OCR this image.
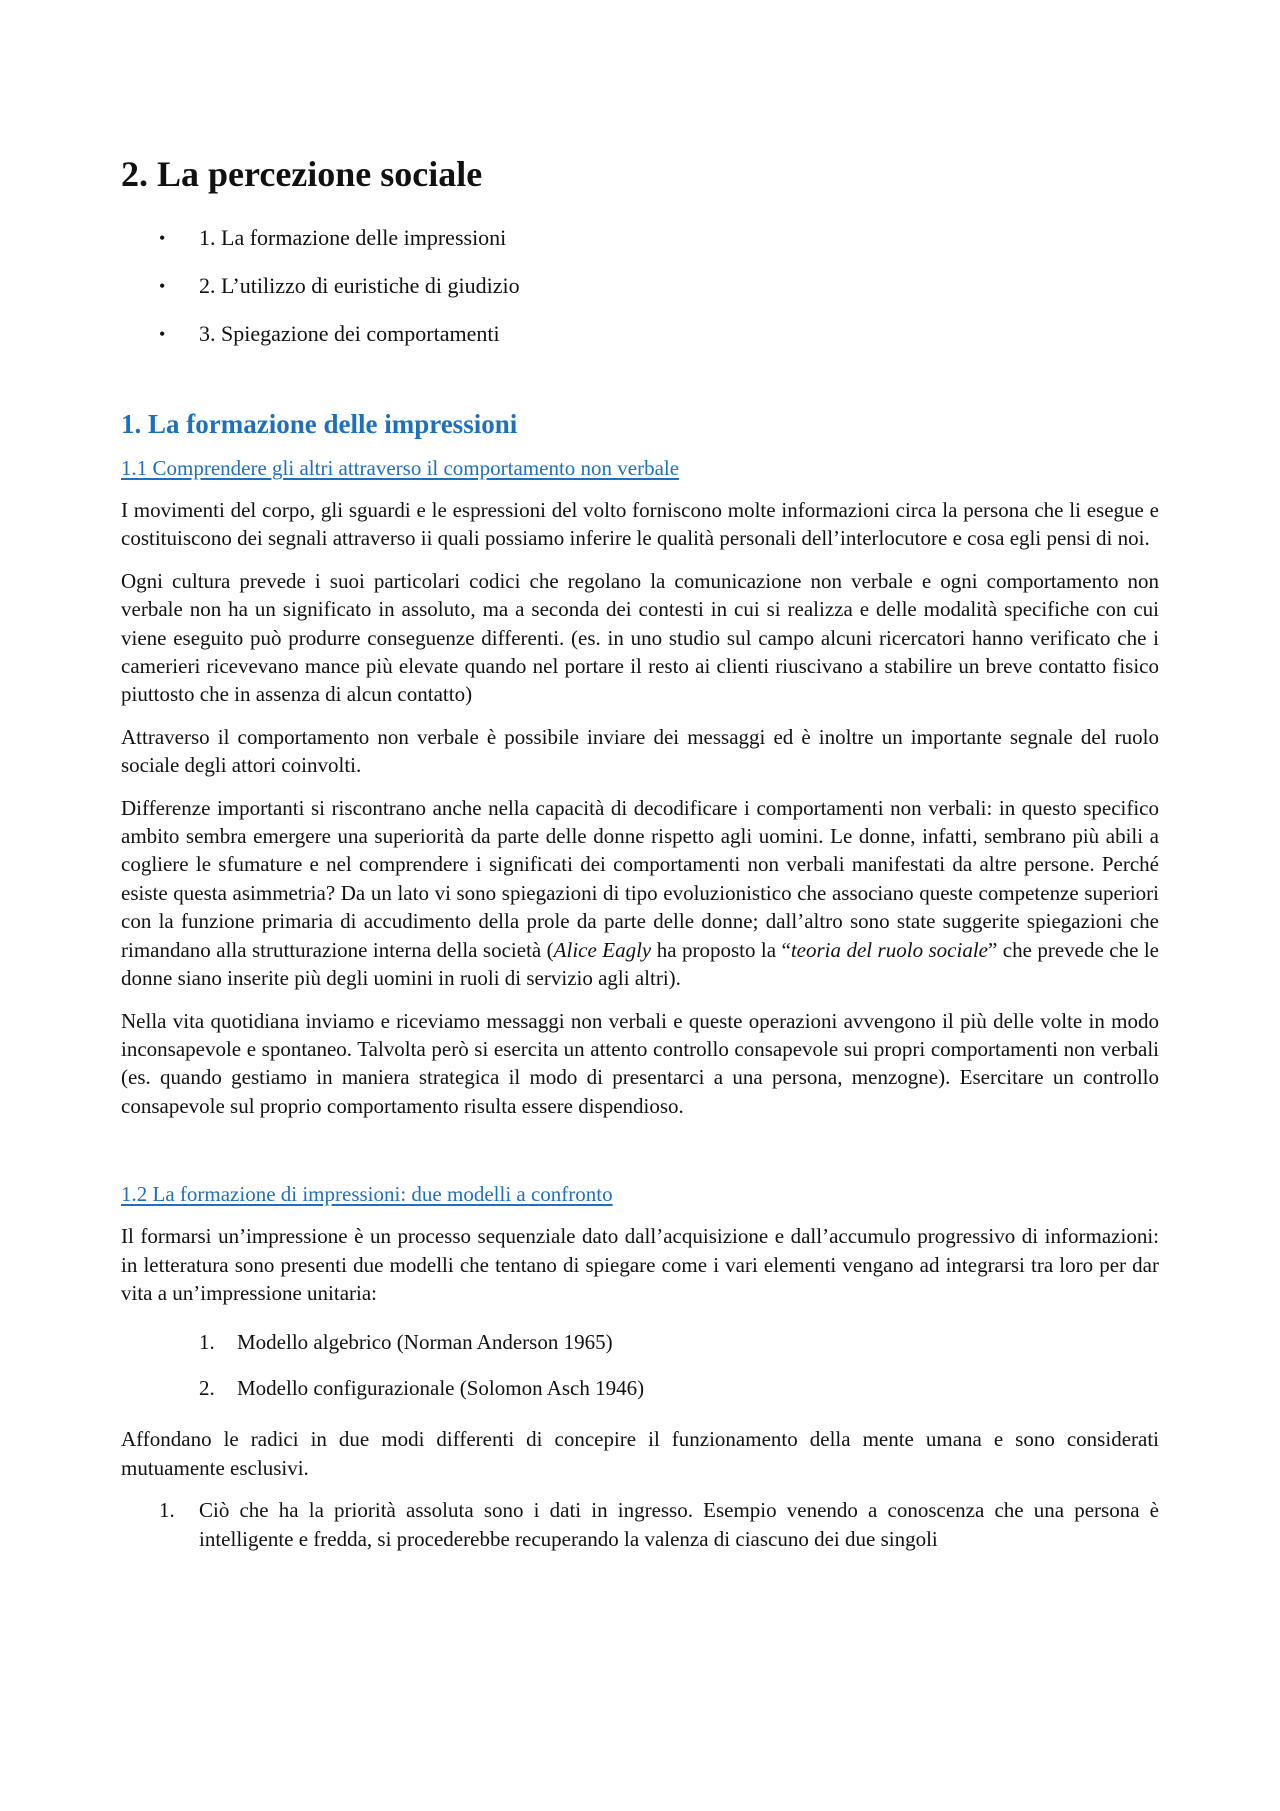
2. La percezione sociale
• 1. La formazione delle impressioni
• 2. L’utilizzo di euristiche di giudizio
• 3. Spiegazione dei comportamenti
1. La formazione delle impressioni
1.1 Comprendere gli altri attraverso il comportamento non verbale

I movimenti del corpo, gli sguardi e le espressioni del volto forniscono molte informazioni circa la persona che li esegue e costituiscono dei segnali attraverso ii quali possiamo inferire le qualità personali dell’interlocutore e cosa egli pensi di noi.

Ogni cultura prevede i suoi particolari codici che regolano la comunicazione non verbale e ogni comportamento non verbale non ha un significato in assoluto, ma a seconda dei contesti in cui si realizza e delle modalità specifiche con cui viene eseguito può produrre conseguenze differenti. (es. in uno studio sul campo alcuni ricercatori hanno verificato che i camerieri ricevevano mance più elevate quando nel portare il resto ai clienti riuscivano a stabilire un breve contatto fisico piuttosto che in assenza di alcun contatto)

Attraverso il comportamento non verbale è possibile inviare dei messaggi ed è inoltre un importante segnale del ruolo sociale degli attori coinvolti.

Differenze importanti si riscontrano anche nella capacità di decodificare i comportamenti non verbali: in questo specifico ambito sembra emergere una superiorità da parte delle donne rispetto agli uomini. Le donne, infatti, sembrano più abili a cogliere le sfumature e nel comprendere i significati dei comportamenti non verbali manifestati da altre persone. Perché esiste questa asimmetria? Da un lato vi sono spiegazioni di tipo evoluzionistico che associano queste competenze superiori con la funzione primaria di accudimento della prole da parte delle donne; dall’altro sono state suggerite spiegazioni che rimandano alla strutturazione interna della società (Alice Eagly ha proposto la “teoria del ruolo sociale” che prevede che le donne siano inserite più degli uomini in ruoli di servizio agli altri).

Nella vita quotidiana inviamo e riceviamo messaggi non verbali e queste operazioni avvengono il più delle volte in modo inconsapevole e spontaneo. Talvolta però si esercita un attento controllo consapevole sui propri comportamenti non verbali (es. quando gestiamo in maniera strategica il modo di presentarci a una persona, menzogne). Esercitare un controllo consapevole sul proprio comportamento risulta essere dispendioso.

1.2 La formazione di impressioni: due modelli a confronto

Il formarsi un’impressione è un processo sequenziale dato dall’acquisizione e dall’accumulo progressivo di informazioni: in letteratura sono presenti due modelli che tentano di spiegare come i vari elementi vengano ad integrarsi tra loro per dar vita a un’impressione unitaria:

1. Modello algebrico (Norman Anderson 1965)
2. Modello configurazionale (Solomon Asch 1946)

Affondano le radici in due modi differenti di concepire il funzionamento della mente umana e sono considerati mutuamente esclusivi.

1. Ciò che ha la priorità assoluta sono i dati in ingresso. Esempio venendo a conoscenza che una persona è intelligente e fredda, si procederebbe recuperando la valenza di ciascuno dei due singoli
